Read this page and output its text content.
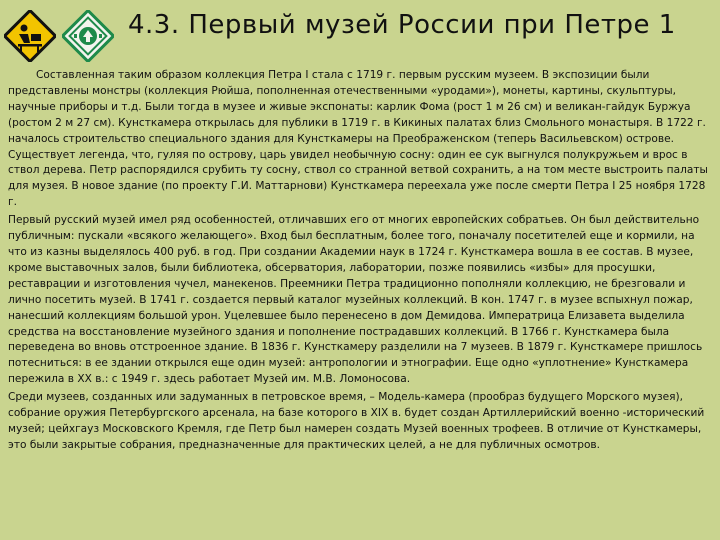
4.3. Первый музей России при Петре 1

Составленная таким образом коллекция Петра I стала с 1719 г. первым русским музеем. В экспозиции были представлены монстры (коллекция Рюйша, пополненная отечественными «уродами»), монеты, картины, скульптуры, научные приборы и т.д. Были тогда в музее и живые экспонаты: карлик Фома (рост 1 м 26 см) и великан-гайдук Буржуа (ростом 2 м 27 см). Кунсткамера открылась для публики в 1719 г. в Кикиных палатах близ Смольного монастыря. В 1722 г. началось строительство специального здания для Кунсткамеры на Преображенском (теперь Васильевском) острове. Существует легенда, что, гуляя по острову, царь увидел необычную сосну: один ее сук выгнулся полукружьем и врос в ствол дерева. Петр распорядился срубить ту сосну, ствол со странной ветвой сохранить, а на том месте выстроить палаты для музея. В новое здание (по проекту Г.И. Маттарнови) Кунсткамера переехала уже после смерти Петра I 25 ноября 1728 г.

Первый русский музей имел ряд особенностей, отличавших его от многих европейских собратьев. Он был действительно публичным: пускали «всякого желающего». Вход был бесплатным, более того, поначалу посетителей еще и кормили, на что из казны выделялось 400 руб. в год. При создании Академии наук в 1724 г. Кунсткамера вошла в ее состав. В музее, кроме выставочных залов, были библиотека, обсерватория, лаборатории, позже появились «избы» для просушки, реставрации и изготовления чучел, манекенов. Преемники Петра традиционно пополняли коллекцию, не брезговали и лично посетить музей. В 1741 г. создается первый каталог музейных коллекций. В кон. 1747 г. в музее вспыхнул пожар, нанесший коллекциям большой урон. Уцелевшее было перенесено в дом Демидова. Императрица Елизавета выделила средства на восстановление музейного здания и пополнение пострадавших коллекций. В 1766 г. Кунсткамера была переведена во вновь отстроенное здание. В 1836 г. Кунсткамеру разделили на 7 музеев. В 1879 г. Кунсткамере пришлось потесниться: в ее здании открылся еще один музей: антропологии и этнографии. Еще одно «уплотнение» Кунсткамера пережила в XX в.: с 1949 г. здесь работает Музей им. М.В. Ломоносова.

Среди музеев, созданных или задуманных в петровское время, – Модель-камера (прообраз будущего Морского музея), собрание оружия Петербургского арсенала, на базе которого в XIX в. будет создан Артиллерийский военно -исторический музей; цейхгауз Московского Кремля, где Петр был намерен создать Музей военных трофеев. В отличие от Кунсткамеры, это были закрытые собрания, предназначенные для практических целей, а не для публичных осмотров.
